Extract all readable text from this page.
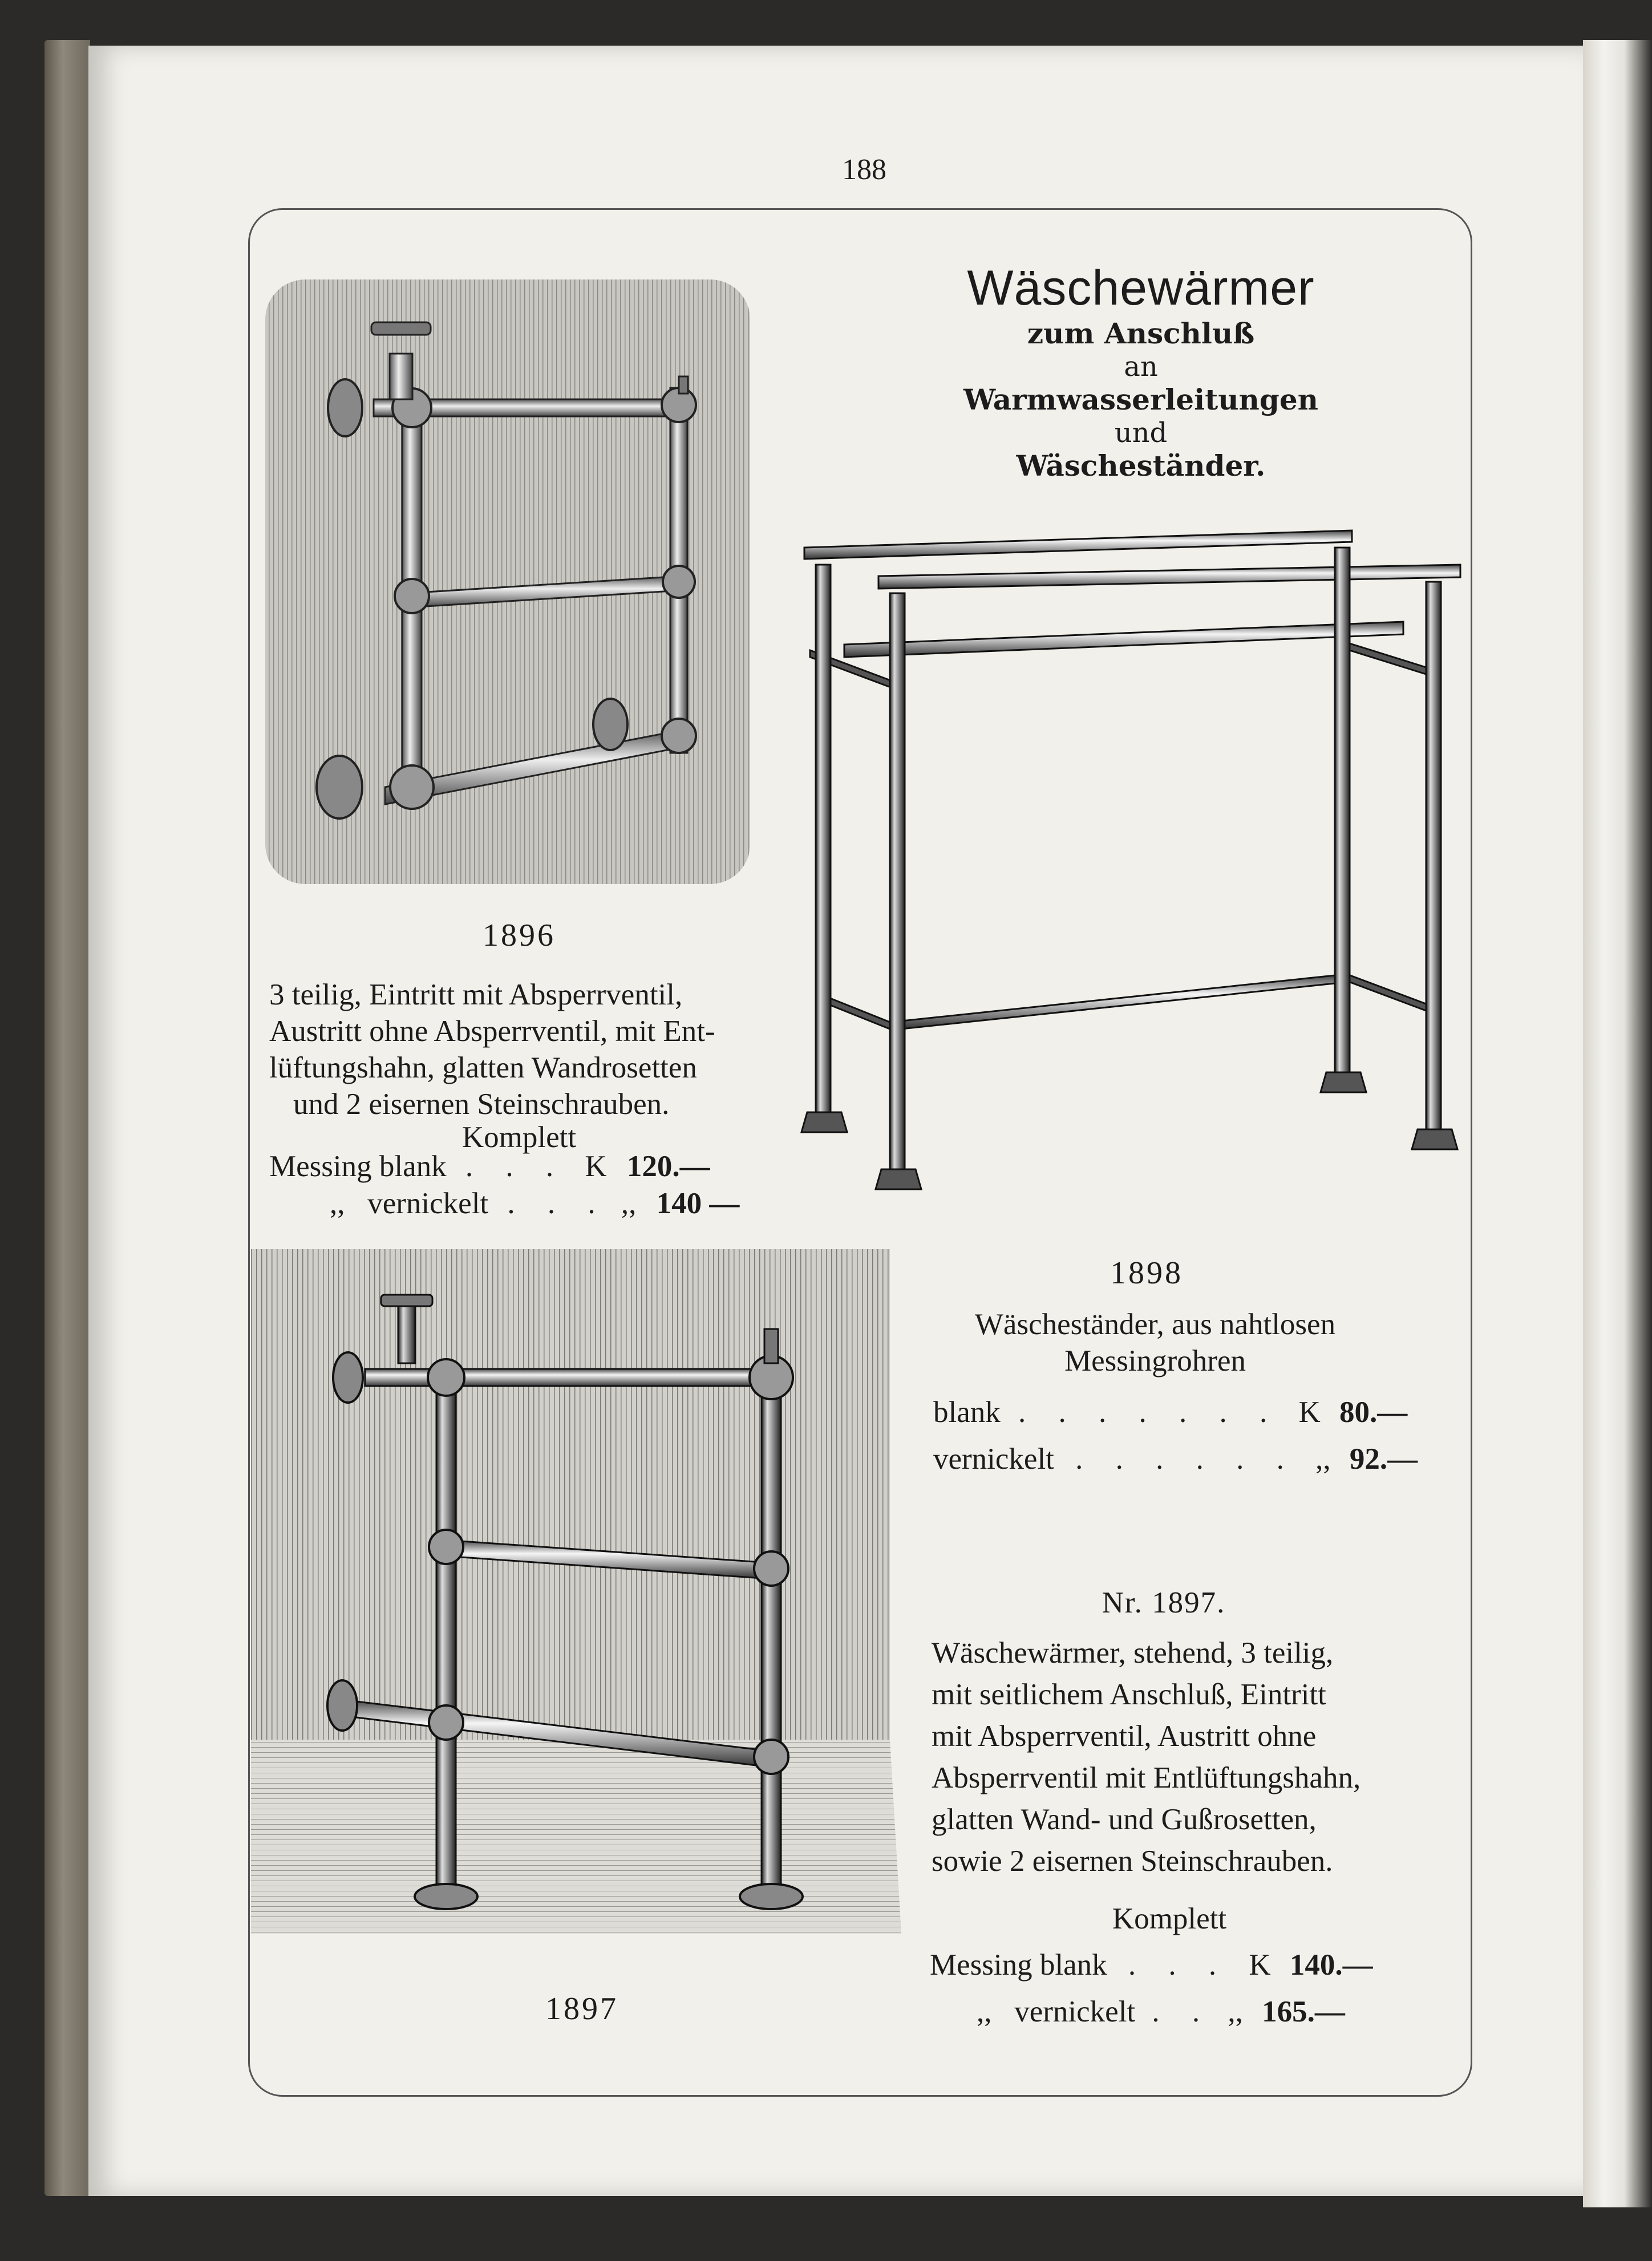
188
Wäschewärmer
zum Anschluß
an
Warmwasserleitungen
und
Wäscheständer.
1896
3 teilig, Eintritt mit Absperrventil,
Austritt ohne Absperrventil, mit Ent-
lüftungshahn, glatten Wandrosetten
und 2 eisernen Steinschrauben.
Komplett
Messing blank . . . K 120.—
,,   vernickelt . . . ,, 140 —
1898
Wäscheständer, aus nahtlosen
Messingrohren
blank . . . . . . . K 80.—
vernickelt . . . . . . ,, 92.—
Nr. 1897.
Wäschewärmer, stehend, 3 teilig,
mit seitlichem Anschluß, Eintritt
mit Absperrventil, Austritt ohne
Absperrventil mit Entlüftungshahn,
glatten Wand- und Gußrosetten,
sowie 2 eisernen Steinschrauben.
Komplett
Messing blank . . . K 140.—
,,   vernickelt . . ,, 165.—
1897
